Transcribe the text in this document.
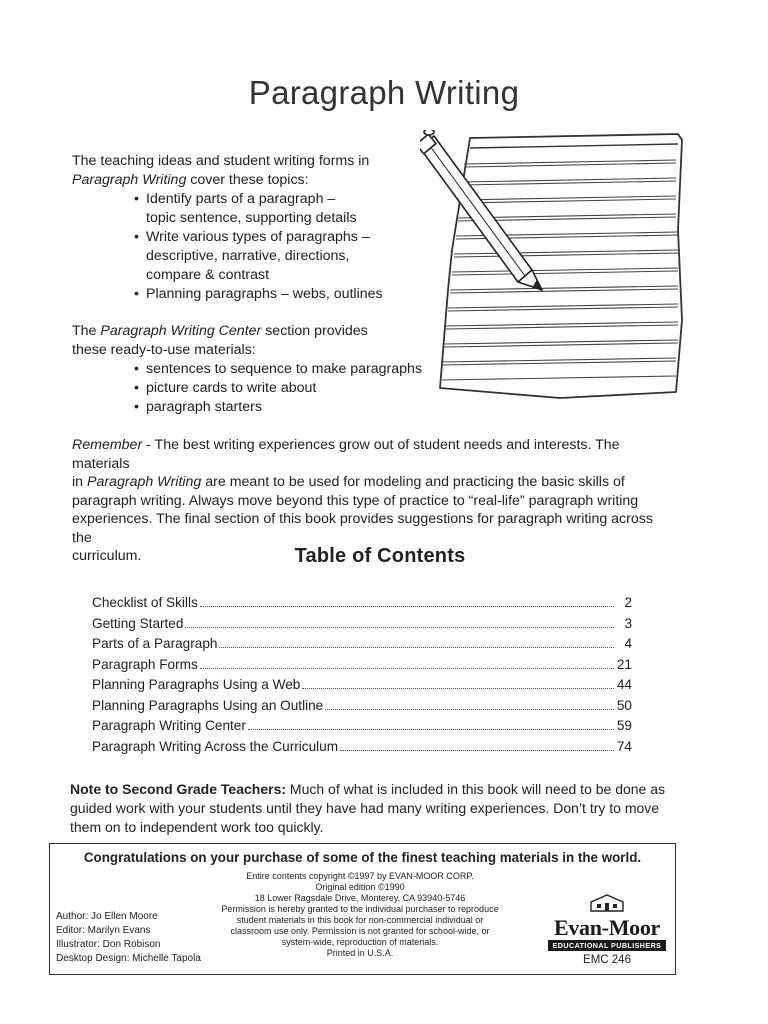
Paragraph Writing

The teaching ideas and student writing forms in

Paragraph Writing cover these topics:

• Identify parts of a paragraph –
topic sentence, supporting details
• Write various types of paragraphs –
descriptive, narrative, directions,
compare & contrast
• Planning paragraphs – webs, outlines

The Paragraph Writing Center section provides

these ready-to-use materials:

• sentences to sequence to make paragraphs
• picture cards to write about
• paragraph starters

Remember - The best writing experiences grow out of student needs and interests. The materials

in Paragraph Writing are meant to be used for modeling and practicing the basic skills of

paragraph writing. Always move beyond this type of practice to “real-life” paragraph writing

experiences. The final section of this book provides suggestions for paragraph writing across the

curriculum.	Table of Contents
Checklist of Skills	2
Getting Started	3
Parts of a Paragraph	4
Paragraph Forms	21
Planning Paragraphs Using a Web	44
Planning Paragraphs Using an Outline	50
Paragraph Writing Center	59
Paragraph Writing Across the Curriculum	74

Note to Second Grade Teachers: Much of what is included in this book will need to be done as

guided work with your students until they have had many writing experiences. Don’t try to move

them on to independent work too quickly.

Congratulations on your purchase of some of the finest teaching materials in the world.
Entire contents copyright ©1997 by EVAN-MOOR CORP.
Original edition ©1990
18 Lower Ragsdale Drive, Monterey, CA 93940-5746
Permission is hereby granted to the individual purchaser to reproduce
student materials in this book for non-commercial individual or
classroom use only. Permission is not granted for school-wide, or
system-wide, reproduction of materials.
Printed in U.S.A.
Author: Jo Ellen Moore
Editor: Marilyn Evans
Illustrator: Don Robison
Desktop Design: Michelle Tapola
Evan-Moor
EDUCATIONAL PUBLISHERS
EMC 246
